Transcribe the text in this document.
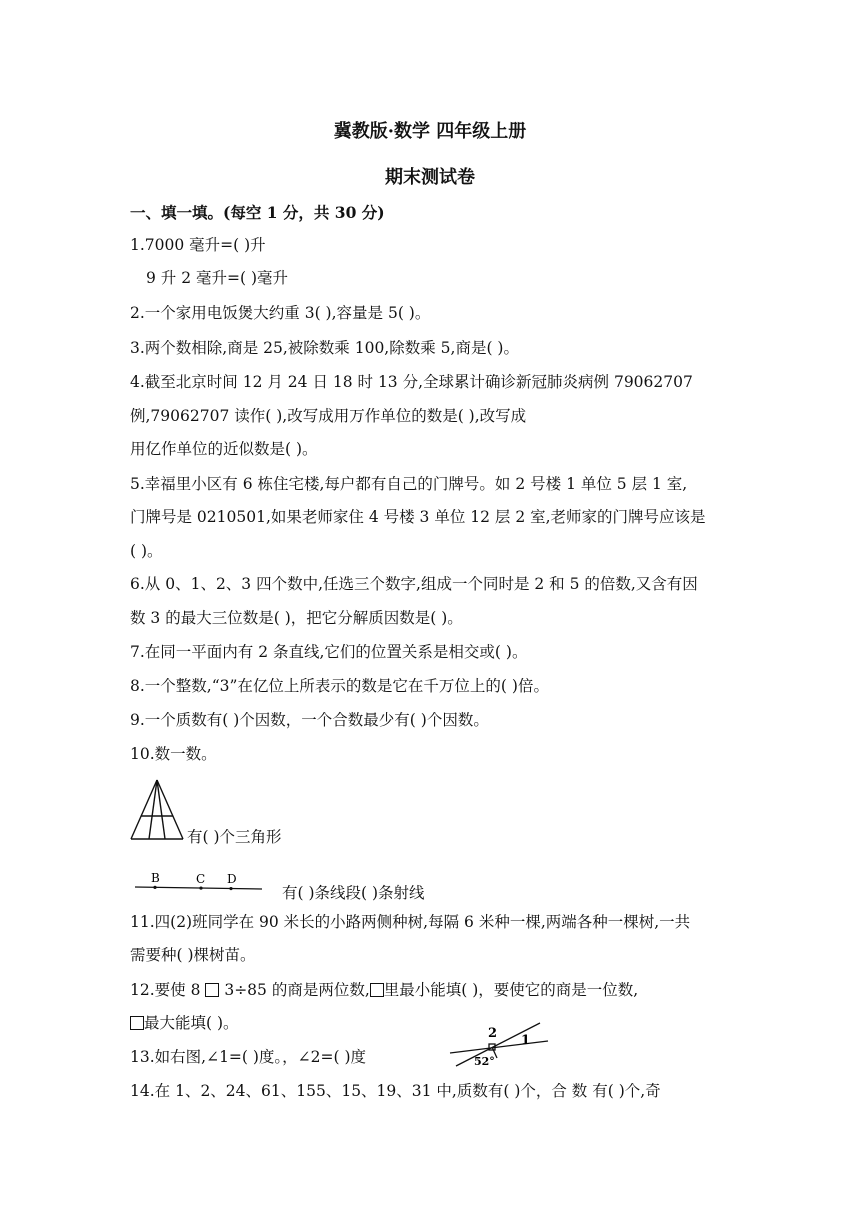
冀教版·数学 四年级上册
期末测试卷
一、填一填。(每空 1 分，共 30 分)
1.7000 毫升=( )升
9 升 2 毫升=( )毫升
2.一个家用电饭煲大约重 3( ),容量是 5( )。
3.两个数相除,商是 25,被除数乘 100,除数乘 5,商是( )。
4.截至北京时间 12 月 24 日 18 时 13 分,全球累计确诊新冠肺炎病例 79062707
例,79062707 读作( ),改写成用万作单位的数是( ),改写成
用亿作单位的近似数是( )。
5.幸福里小区有 6 栋住宅楼,每户都有自己的门牌号。如 2 号楼 1 单位 5 层 1 室,
门牌号是 0210501,如果老师家住 4 号楼 3 单位 12 层 2 室,老师家的门牌号应该是
( )。
6.从 0、1、2、3 四个数中,任选三个数字,组成一个同时是 2 和 5 的倍数,又含有因
数 3 的最大三位数是( )，把它分解质因数是( )。
7.在同一平面内有 2 条直线,它们的位置关系是相交或( )。
8.一个整数,“3”在亿位上所表示的数是它在千万位上的( )倍。
9.一个质数有( )个因数，一个合数最少有( )个因数。
10.数一数。
有( )个三角形
B	C D
有( )条线段( )条射线
11.四(2)班同学在 90 米长的小路两侧种树,每隔 6 米种一棵,两端各种一棵树,一共
需要种( )棵树苗。
12.要使 8  3÷85 的商是两位数, 里最小能填( )，要使它的商是一位数,
最大能填( )。
13.如右图,∠1=( )度。，∠2=( )度
2 1
52°
14.在 1、2、24、61、155、15、19、31 中,质数有( )个，合 数 有( )个,奇
